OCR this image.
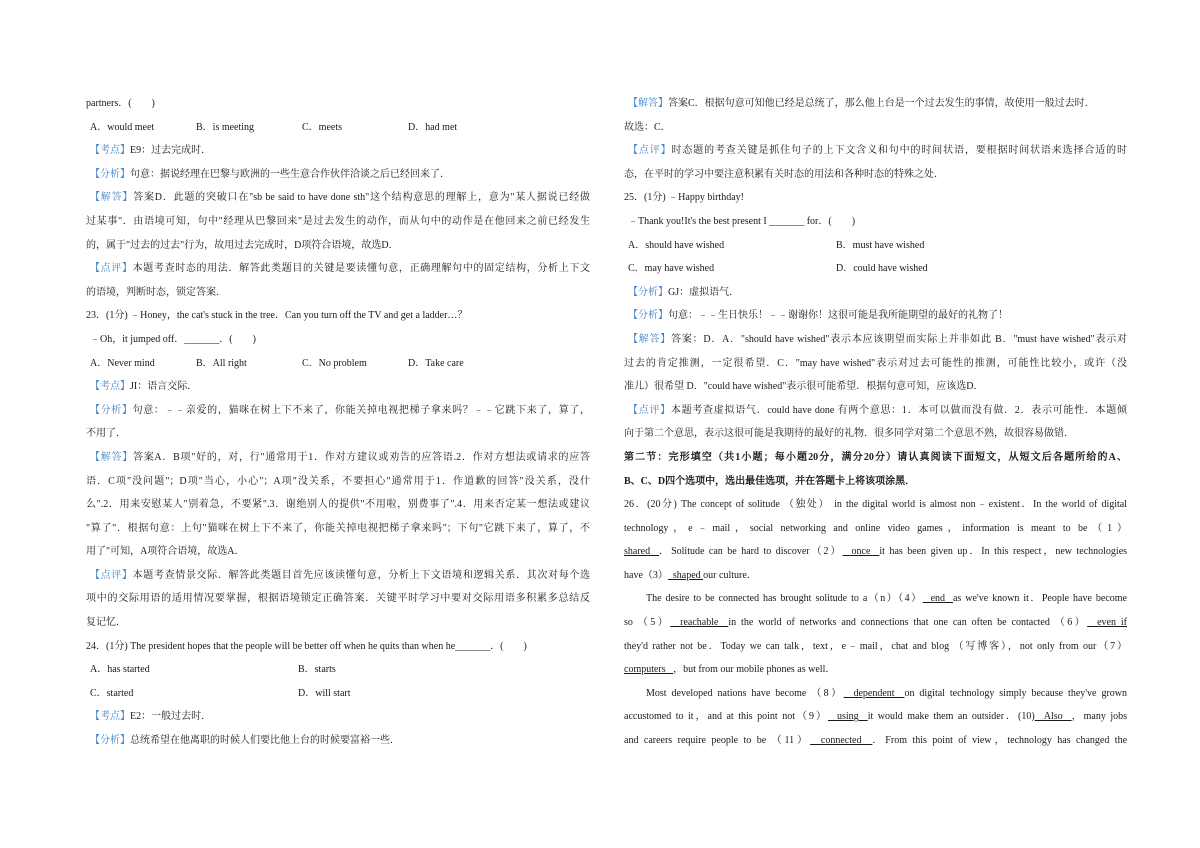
partners．(　　)

A．would meet	B．is meeting	C．meets	D．had met

【考点】E9：过去完成时．

【分析】句意：据说经理在巴黎与欧洲的一些生意合作伙伴洽谈之后已经回来了．

【解答】答案D．此题的突破口在"sb be said to have done sth"这个结构意思的理解上，意为"某人据说已经做

过某事"．由语境可知，句中"经理从巴黎回来"是过去发生的动作，而从句中的动作是在他回来之前已经发生

的，属于"过去的过去"行为，故用过去完成时，D项符合语境，故选D．

【点评】本题考查时态的用法．解答此类题目的关键是要读懂句意，正确理解句中的固定结构，分析上下文

的语境，判断时态，锁定答案．

23．(1分) ﹣Honey，the cat's stuck in the tree．Can you turn off the TV and get a ladder…？

﹣Oh，it jumped off．_______．(　　)

A．Never mind	B．All right	C．No problem	D．Take care

【考点】JI：语言交际．

【分析】句意：﹣﹣亲爱的，猫咪在树上下不来了，你能关掉电视把梯子拿来吗？﹣﹣它跳下来了，算了，

不用了．

【解答】答案A．B项"好的，对，行"通常用于1．作对方建议或劝告的应答语.2．作对方想法或请求的应答

语．C项"没问题"；D项"当心，小心"；A项"没关系，不要担心"通常用于1．作道歉的回答"没关系，没什

么".2．用来安慰某人"别着急，不要紧".3．谢绝别人的提供"不用啦，别费事了".4．用来否定某一想法或建议

"算了"．根据句意：上句"猫咪在树上下不来了，你能关掉电视把梯子拿来吗"；下句"它跳下来了，算了，不

用了"可知，A项符合语境，故选A．

【点评】本题考查情景交际．解答此类题目首先应该读懂句意，分析上下文语境和逻辑关系．其次对每个选

项中的交际用语的适用情况要掌握，根据语境锁定正确答案．关键平时学习中要对交际用语多积累多总结反

复记忆．

24．(1分) The president hopes that the people will be better off when he quits than when he_______．(　　)

A．has started	B．starts
C．started	D．will start

【考点】E2：一般过去时．

【分析】总统希望在他离职的时候人们要比他上台的时候要富裕一些．

【解答】答案C．根据句意可知他已经是总统了，那么他上台是一个过去发生的事情，故使用一般过去时．

故选：C．

【点评】时态题的考查关键是抓住句子的上下文含义和句中的时间状语，要根据时间状语来选择合适的时

态，在平时的学习中要注意积累有关时态的用法和各种时态的特殊之处．

25．(1分) ﹣Happy birthday!

﹣Thank you!It's the best present I _______ for．(　　)

A．should have wished	B．must have wished
C．may have wished	D．could have wished

【分析】GJ：虚拟语气．

【分析】句意：﹣﹣生日快乐！﹣﹣谢谢你！这很可能是我所能期望的最好的礼物了！

【解答】答案：D．A．"should have wished"表示本应该期望而实际上并非如此 B．"must have wished"表示对

过去的肯定推测，一定很希望．C．"may have wished"表示对过去可能性的推测，可能性比较小，或许（没

准儿）很希望 D．"could have wished"表示很可能希望．根据句意可知，应该选D．

【点评】本题考查虚拟语气．could have done 有两个意思：1．本可以做而没有做．2．表示可能性．本题倾

向于第二个意思，表示这很可能是我期待的最好的礼物．很多同学对第二个意思不熟，故很容易做错．

第二节：完形填空（共1小题；每小题20分，满分20分）请认真阅读下面短文，从短文后各题所给的A、

B、C、D四个选项中，选出最佳选项，并在答题卡上将该项涂黑．

26．(20分) The concept of solitude （独处） in the digital world is almost non﹣existent．In the world of digital

technology，e﹣mail，social networking and online video games，information is meant to be（1）

shared ．Solitude can be hard to discover（2） once it has been given up．In this respect，new technologies

have（3） shaped our culture．

The desire to be connected has brought solitude to a（n）（4） end as we've known it．People have become

so （5） reachable in the world of networks and connections that one can often be contacted （6） even if

they'd rather not be．Today we can talk，text，e﹣mail，chat and blog （写博客），not only from our（7）

computers ，but from our mobile phones as well．

Most developed nations have become （8） dependent on digital technology simply because they've grown

accustomed to it，and at this point not（9） using it would make them an outsider．(10) Also ，many jobs

and careers require people to be （11） connected ．From this point of view，technology has changed the
